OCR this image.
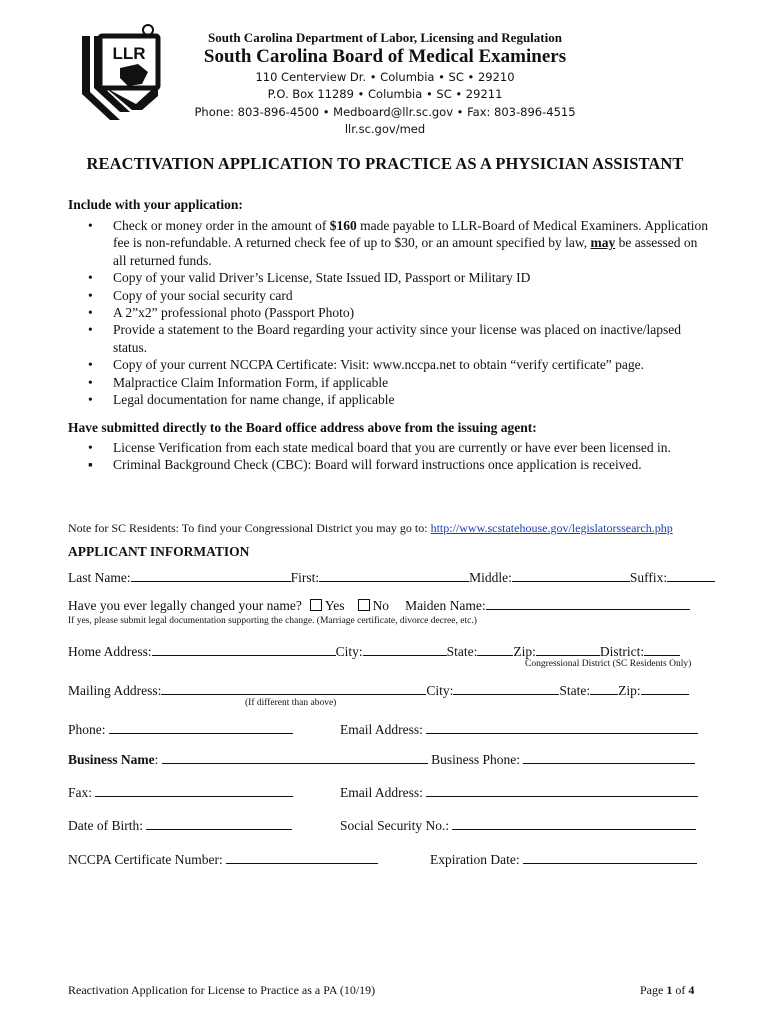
LLR
South Carolina Department of Labor, Licensing and Regulation
South Carolina Board of Medical Examiners
110 Centerview Dr. • Columbia • SC • 29210
P.O. Box 11289 • Columbia • SC • 29211
Phone: 803-896-4500 • Medboard@llr.sc.gov • Fax: 803-896-4515
llr.sc.gov/med
REACTIVATION APPLICATION TO PRACTICE AS A PHYSICIAN ASSISTANT
Include with your application:
• Check or money order in the amount of $160 made payable to LLR-Board of Medical Examiners. Application fee is non-refundable. A returned check fee of up to $30, or an amount specified by law, may be assessed on all returned funds.
• Copy of your valid Driver’s License, State Issued ID, Passport or Military ID
• Copy of your social security card
• A 2”x2” professional photo (Passport Photo)
• Provide a statement to the Board regarding your activity since your license was placed on inactive/lapsed status.
• Copy of your current NCCPA Certificate: Visit: www.nccpa.net to obtain “verify certificate” page.
• Malpractice Claim Information Form, if applicable
• Legal documentation for name change, if applicable
Have submitted directly to the Board office address above from the issuing agent:
• License Verification from each state medical board that you are currently or have ever been licensed in.
▪ Criminal Background Check (CBC): Board will forward instructions once application is received.
Note for SC Residents: To find your Congressional District you may go to: http://www.scstatehouse.gov/legislatorssearch.php
APPLICANT INFORMATION
Last Name:	First:	Middle:	Suffix:
Have you ever legally changed your name? Yes No Maiden Name:
If yes, please submit legal documentation supporting the change. (Marriage certificate, divorce decree, etc.)
Home Address:	City:	State:	Zip:	District:
Congressional District (SC Residents Only)
Mailing Address:	City:	State: Zip:
(If different than above)
Phone:	Email Address:
Business Name:	Business Phone:
Fax:	Email Address:
Date of Birth:	Social Security No.:
NCCPA Certificate Number:	Expiration Date:
Reactivation Application for License to Practice as a PA (10/19)	Page 1 of 4
